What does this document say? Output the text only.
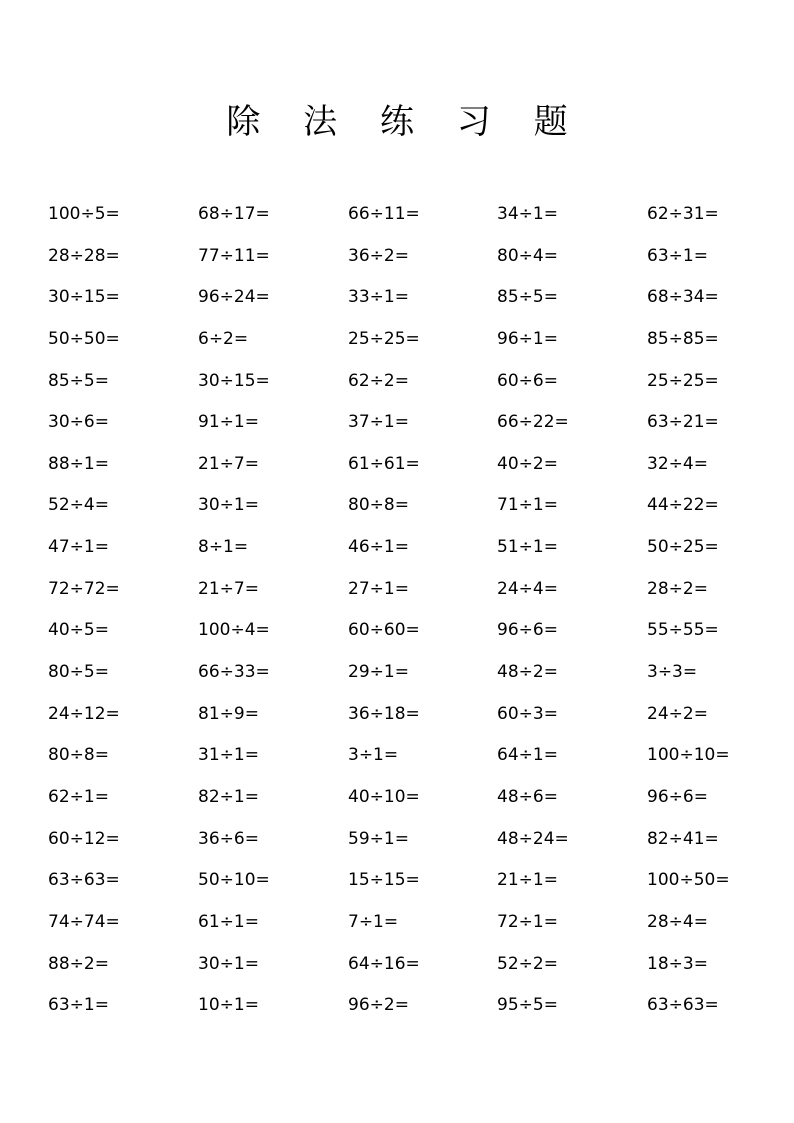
除 法 练 习 题
100÷5=	68÷17=	66÷11=	34÷1=	62÷31=
28÷28=	77÷11=	36÷2=	80÷4=	63÷1=
30÷15=	96÷24=	33÷1=	85÷5=	68÷34=
50÷50=	6÷2=	25÷25=	96÷1=	85÷85=
85÷5=	30÷15=	62÷2=	60÷6=	25÷25=
30÷6=	91÷1=	37÷1=	66÷22=	63÷21=
88÷1=	21÷7=	61÷61=	40÷2=	32÷4=
52÷4=	30÷1=	80÷8=	71÷1=	44÷22=
47÷1=	8÷1=	46÷1=	51÷1=	50÷25=
72÷72=	21÷7=	27÷1=	24÷4=	28÷2=
40÷5=	100÷4=	60÷60=	96÷6=	55÷55=
80÷5=	66÷33=	29÷1=	48÷2=	3÷3=
24÷12=	81÷9=	36÷18=	60÷3=	24÷2=
80÷8=	31÷1=	3÷1=	64÷1=	100÷10=
62÷1=	82÷1=	40÷10=	48÷6=	96÷6=
60÷12=	36÷6=	59÷1=	48÷24=	82÷41=
63÷63=	50÷10=	15÷15=	21÷1=	100÷50=
74÷74=	61÷1=	7÷1=	72÷1=	28÷4=
88÷2=	30÷1=	64÷16=	52÷2=	18÷3=
63÷1=	10÷1=	96÷2=	95÷5=	63÷63=
